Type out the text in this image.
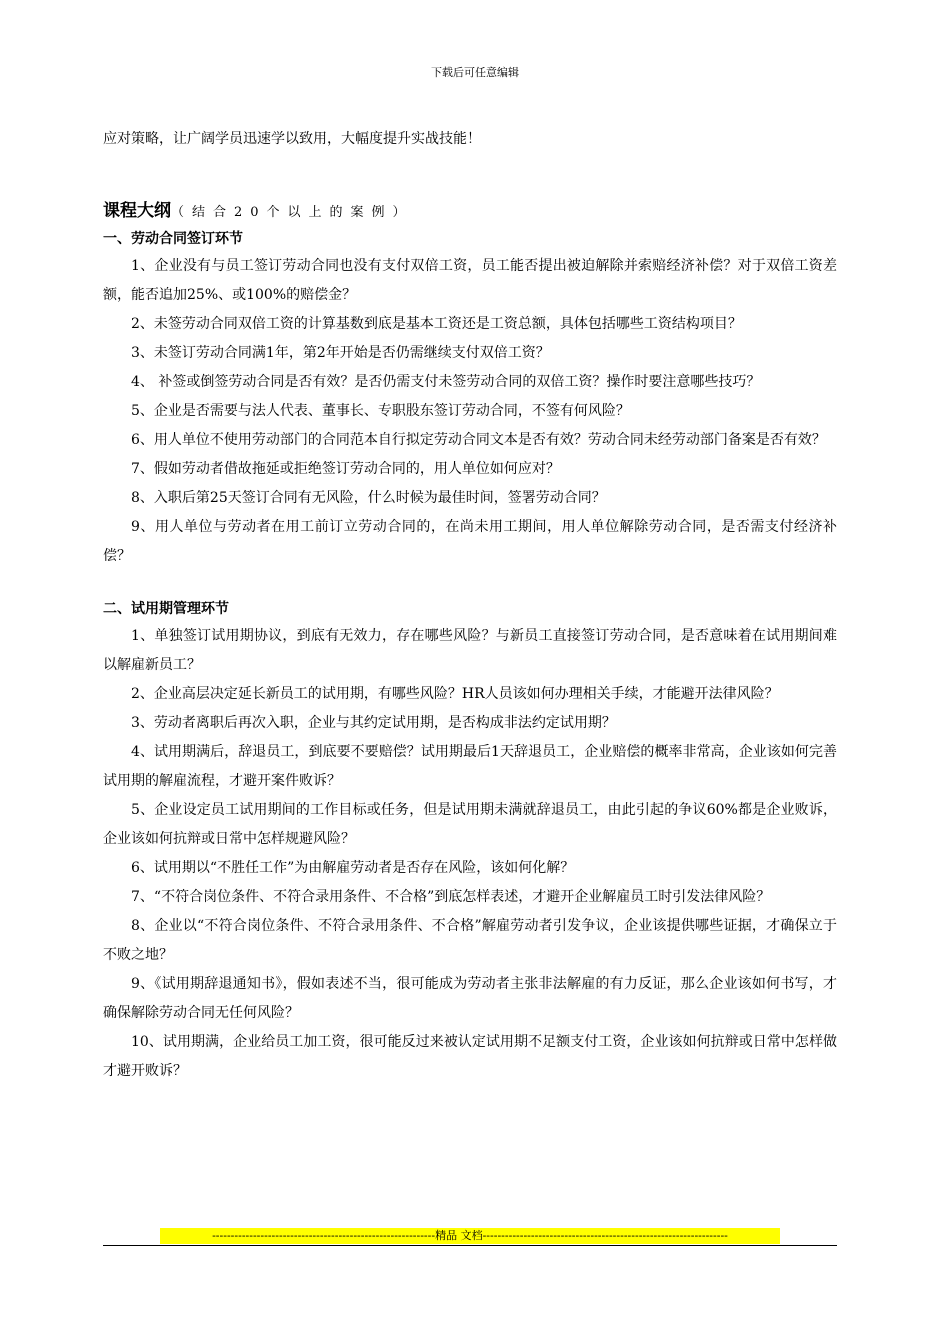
下载后可任意编辑

应对策略，让广阔学员迅速学以致用，大幅度提升实战技能！

课程大纲（结合20个以上的案例）

一、劳动合同签订环节

1、企业没有与员工签订劳动合同也没有支付双倍工资，员工能否提出被迫解除并索赔经济补偿？对于双倍工资差额，能否追加25%、或100%的赔偿金？

2、未签劳动合同双倍工资的计算基数到底是基本工资还是工资总额，具体包括哪些工资结构项目？

3、未签订劳动合同满1年，第2年开始是否仍需继续支付双倍工资？

4、 补签或倒签劳动合同是否有效？是否仍需支付未签劳动合同的双倍工资？操作时要注意哪些技巧？

5、企业是否需要与法人代表、董事长、专职股东签订劳动合同，不签有何风险？

6、用人单位不使用劳动部门的合同范本自行拟定劳动合同文本是否有效？劳动合同未经劳动部门备案是否有效？

7、假如劳动者借故拖延或拒绝签订劳动合同的，用人单位如何应对？

8、入职后第25天签订合同有无风险，什么时候为最佳时间，签署劳动合同？

9、用人单位与劳动者在用工前订立劳动合同的，在尚未用工期间，用人单位解除劳动合同，是否需支付经济补偿？

二、试用期管理环节

1、单独签订试用期协议，到底有无效力，存在哪些风险？与新员工直接签订劳动合同，是否意味着在试用期间难以解雇新员工？

2、企业高层决定延长新员工的试用期，有哪些风险？HR人员该如何办理相关手续，才能避开法律风险？

3、劳动者离职后再次入职，企业与其约定试用期，是否构成非法约定试用期？

4、试用期满后，辞退员工，到底要不要赔偿？试用期最后1天辞退员工，企业赔偿的概率非常高，企业该如何完善试用期的解雇流程，才避开案件败诉？

5、企业设定员工试用期间的工作目标或任务，但是试用期未满就辞退员工，由此引起的争议60%都是企业败诉，企业该如何抗辩或日常中怎样规避风险？

6、试用期以“不胜任工作”为由解雇劳动者是否存在风险，该如何化解？

7、“不符合岗位条件、不符合录用条件、不合格”到底怎样表述，才避开企业解雇员工时引发法律风险？

8、企业以“不符合岗位条件、不符合录用条件、不合格”解雇劳动者引发争议，企业该提供哪些证据，才确保立于不败之地？

9、《试用期辞退通知书》，假如表述不当，很可能成为劳动者主张非法解雇的有力反证，那么企业该如何书写，才确保解除劳动合同无任何风险？

10、试用期满，企业给员工加工资，很可能反过来被认定试用期不足额支付工资，企业该如何抗辩或日常中怎样做才避开败诉？

------------------------------------------------------------精品 文档------------------------------------------------------------------
